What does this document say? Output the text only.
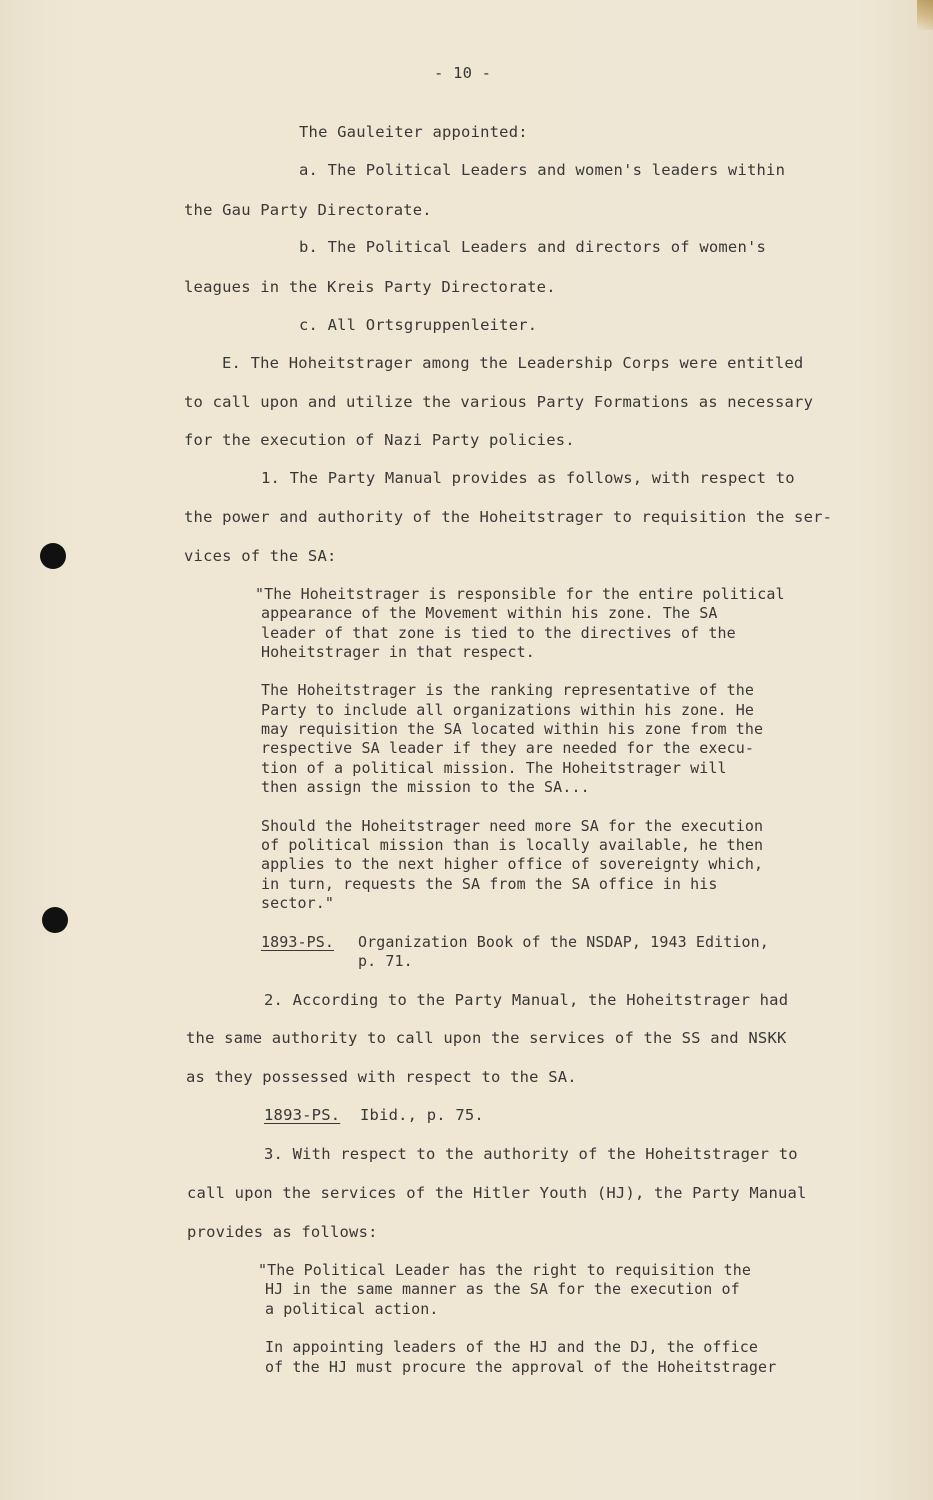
- 10 -
The Gauleiter appointed:
a. The Political Leaders and women's leaders within
the Gau Party Directorate.
b. The Political Leaders and directors of women's
leagues in the Kreis Party Directorate.
c. All Ortsgruppenleiter.
E. The Hoheitstrager among the Leadership Corps were entitled
to call upon and utilize the various Party Formations as necessary
for the execution of Nazi Party policies.
1. The Party Manual provides as follows, with respect to
the power and authority of the Hoheitstrager to requisition the ser-
vices of the SA:
"The Hoheitstrager is responsible for the entire political
appearance of the Movement within his zone. The SA
leader of that zone is tied to the directives of the
Hoheitstrager in that respect.
The Hoheitstrager is the ranking representative of the
Party to include all organizations within his zone. He
may requisition the SA located within his zone from the
respective SA leader if they are needed for the execu-
tion of a political mission. The Hoheitstrager will
then assign the mission to the SA...
Should the Hoheitstrager need more SA for the execution
of political mission than is locally available, he then
applies to the next higher office of sovereignty which,
in turn, requests the SA from the SA office in his
sector."
1893-PS. Organization Book of the NSDAP, 1943 Edition,
p. 71.
2. According to the Party Manual, the Hoheitstrager had
the same authority to call upon the services of the SS and NSKK
as they possessed with respect to the SA.
1893-PS. Ibid., p. 75.
3. With respect to the authority of the Hoheitstrager to
call upon the services of the Hitler Youth (HJ), the Party Manual
provides as follows:
"The Political Leader has the right to requisition the
HJ in the same manner as the SA for the execution of
a political action.
In appointing leaders of the HJ and the DJ, the office
of the HJ must procure the approval of the Hoheitstrager
